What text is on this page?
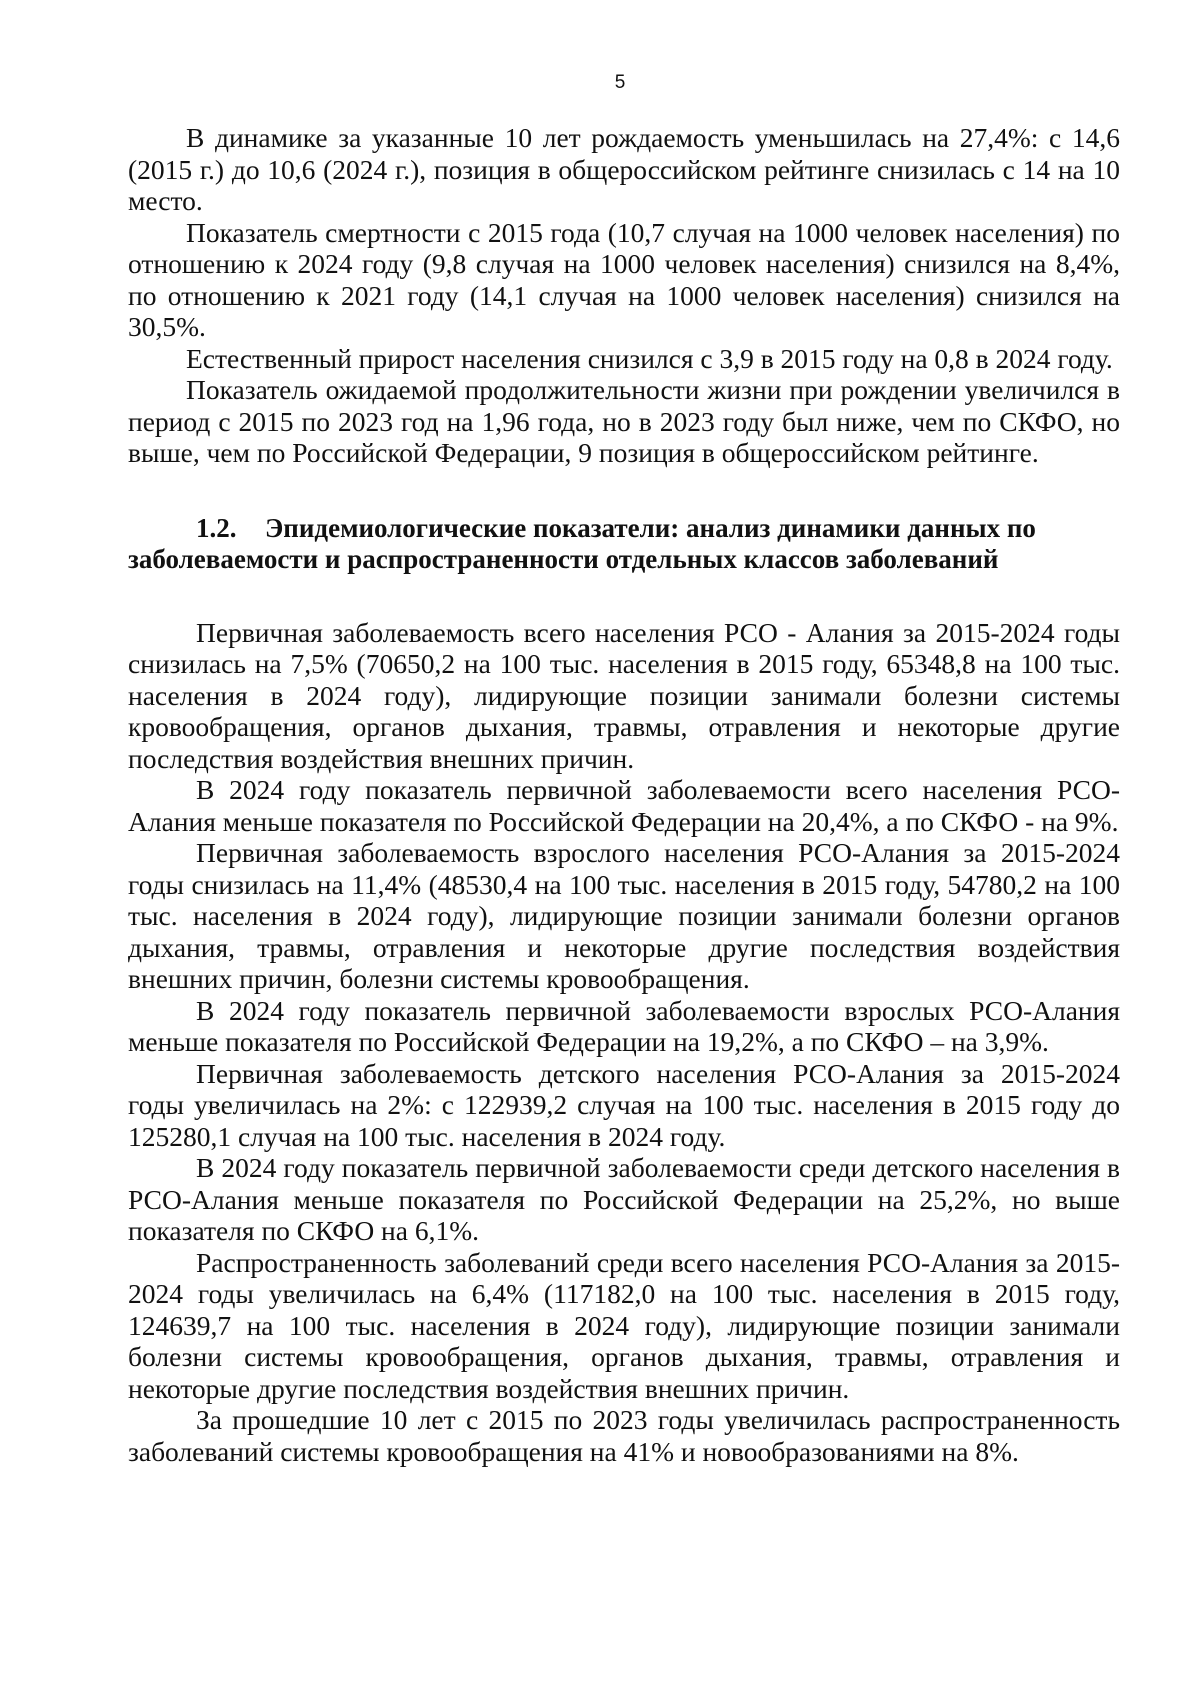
5

В динамике за указанные 10 лет рождаемость уменьшилась на 27,4%: с 14,6 (2015 г.) до 10,6 (2024 г.), позиция в общероссийском рейтинге снизилась с 14 на 10 место.

Показатель смертности с 2015 года (10,7 случая на 1000 человек населения) по отношению к 2024 году (9,8 случая на 1000 человек населения) снизился на 8,4%, по отношению к 2021 году (14,1 случая на 1000 человек населения) снизился на 30,5%.

Естественный прирост населения снизился с 3,9 в 2015 году на 0,8 в 2024 году.

Показатель ожидаемой продолжительности жизни при рождении увеличился в период с 2015 по 2023 год на 1,96 года, но в 2023 году был ниже, чем по СКФО, но выше, чем по Российской Федерации, 9 позиция в общероссийском рейтинге.

1.2. Эпидемиологические показатели: анализ динамики данных по заболеваемости и распространенности отдельных классов заболеваний

Первичная заболеваемость всего населения РСО - Алания за 2015-2024 годы снизилась на 7,5% (70650,2 на 100 тыс. населения в 2015 году, 65348,8 на 100 тыс. населения в 2024 году), лидирующие позиции занимали болезни системы кровообращения, органов дыхания, травмы, отравления и некоторые другие последствия воздействия внешних причин.

В 2024 году показатель первичной заболеваемости всего населения РСО-Алания меньше показателя по Российской Федерации на 20,4%, а по СКФО - на 9%.

Первичная заболеваемость взрослого населения РСО-Алания за 2015-2024 годы снизилась на 11,4% (48530,4 на 100 тыс. населения в 2015 году, 54780,2 на 100 тыс. населения в 2024 году), лидирующие позиции занимали болезни органов дыхания, травмы, отравления и некоторые другие последствия воздействия внешних причин, болезни системы кровообращения.

В 2024 году показатель первичной заболеваемости взрослых РСО-Алания меньше показателя по Российской Федерации на 19,2%, а по СКФО – на 3,9%.

Первичная заболеваемость детского населения РСО-Алания за 2015-2024 годы увеличилась на 2%: с 122939,2 случая на 100 тыс. населения в 2015 году до 125280,1 случая на 100 тыс. населения в 2024 году.

В 2024 году показатель первичной заболеваемости среди детского населения в РСО-Алания меньше показателя по Российской Федерации на 25,2%, но выше показателя по СКФО на 6,1%.

Распространенность заболеваний среди всего населения РСО-Алания за 2015-2024 годы увеличилась на 6,4% (117182,0 на 100 тыс. населения в 2015 году, 124639,7 на 100 тыс. населения в 2024 году), лидирующие позиции занимали болезни системы кровообращения, органов дыхания, травмы, отравления и некоторые другие последствия воздействия внешних причин.

За прошедшие 10 лет с 2015 по 2023 годы увеличилась распространенность заболеваний системы кровообращения на 41% и новообразованиями на 8%.
